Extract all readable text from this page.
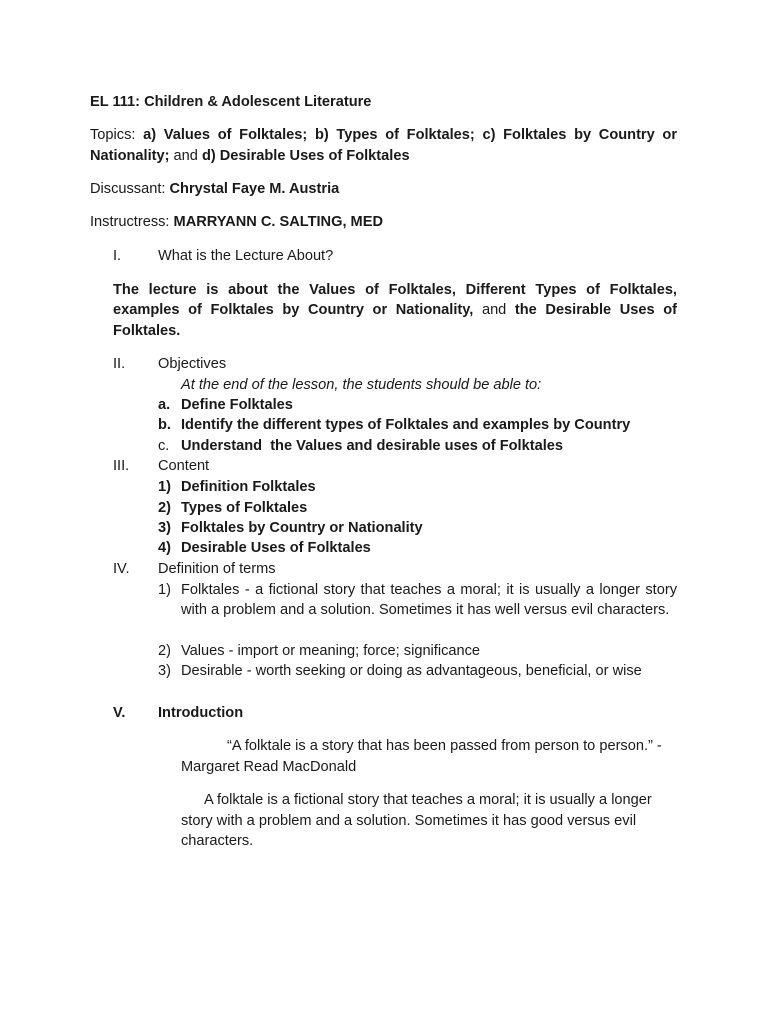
EL 111: Children & Adolescent Literature
Topics: a) Values of Folktales; b) Types of Folktales; c) Folktales by Country or Nationality; and d) Desirable Uses of Folktales
Discussant: Chrystal Faye M. Austria
Instructress: MARRYANN C. SALTING, MED
I.	What is the Lecture About?
The lecture is about the Values of Folktales, Different Types of Folktales, examples of Folktales by Country or Nationality, and the Desirable Uses of Folktales.
II. Objectives
At the end of the lesson, the students should be able to:
a. Define Folktales
b. Identify the different types of Folktales and examples by Country
c. Understand  the Values and desirable uses of Folktales
III. Content
1) Definition Folktales
2) Types of Folktales
3) Folktales by Country or Nationality
4) Desirable Uses of Folktales
IV. Definition of terms
1) Folktales - a fictional story that teaches a moral; it is usually a longer story with a problem and a solution. Sometimes it has well versus evil characters.
2) Values - import or meaning; force; significance
3) Desirable - worth seeking or doing as advantageous, beneficial, or wise
V. Introduction
“A folktale is a story that has been passed from person to person.” -
Margaret Read MacDonald
A folktale is a fictional story that teaches a moral; it is usually a longer
story with a problem and a solution. Sometimes it has good versus evil
characters.
